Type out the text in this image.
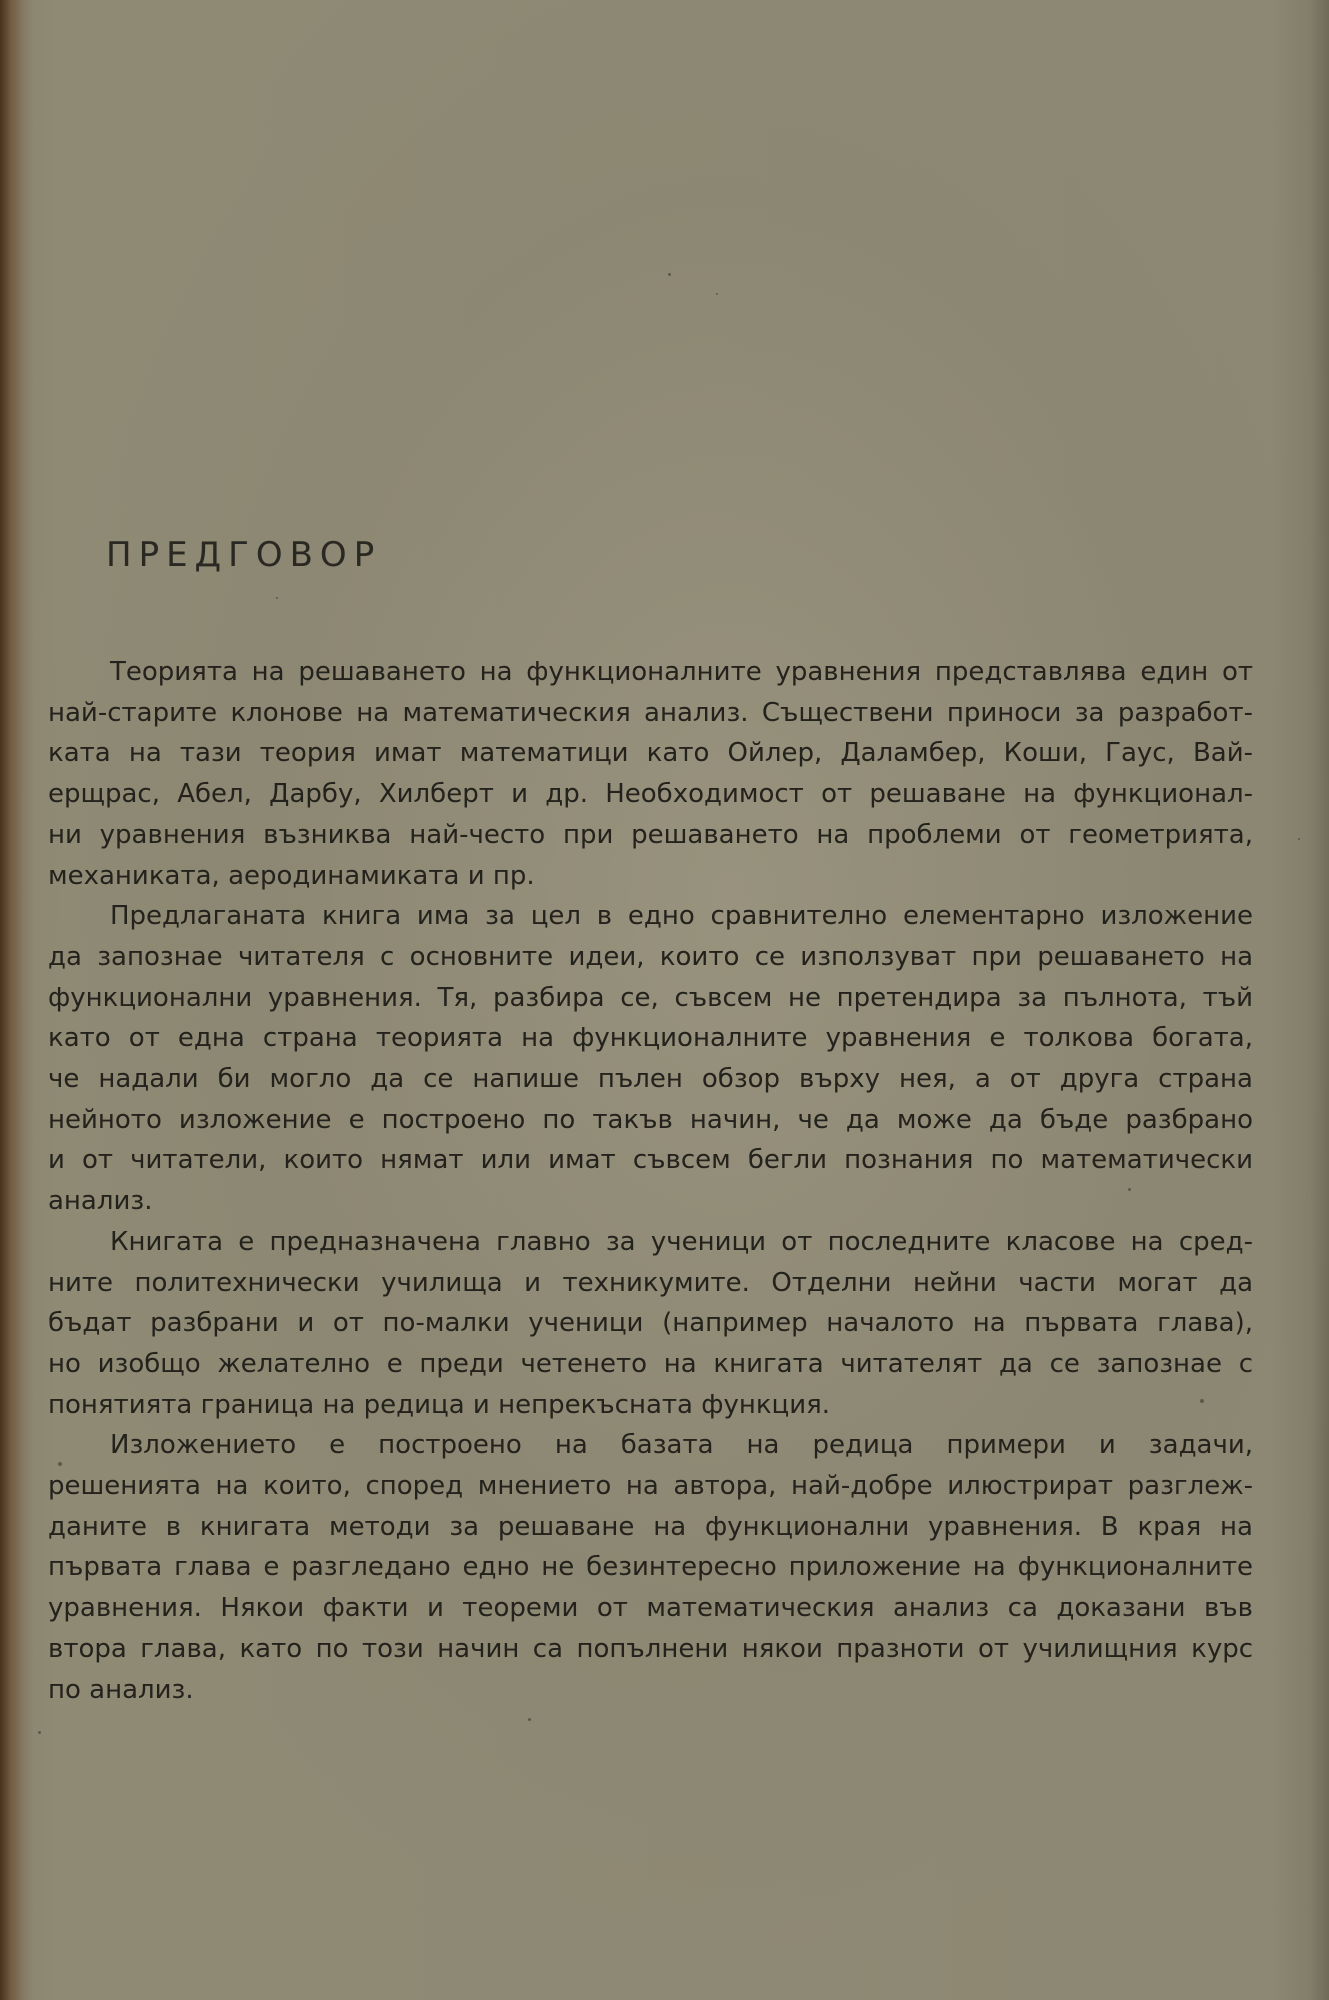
ПРЕДГОВОР
Теорията на решаването на функционалните уравнения представлява един от
най-старите клонове на математическия анализ. Съществени приноси за разработ-
ката на тази теория имат математици като Ойлер, Даламбер, Коши, Гаус, Вай-
ерщрас, Абел, Дарбу, Хилберт и др. Необходимост от решаване на функционал-
ни уравнения възниква най-често при решаването на проблеми от геометрията,
механиката, аеродинамиката и пр.
Предлаганата книга има за цел в едно сравнително елементарно изложение
да запознае читателя с основните идеи, които се използуват при решаването на
функционални уравнения. Тя, разбира се, съвсем не претендира за пълнота, тъй
като от една страна теорията на функционалните уравнения е толкова богата,
че надали би могло да се напише пълен обзор върху нея, а от друга страна
нейното изложение е построено по такъв начин, че да може да бъде разбрано
и от читатели, които нямат или имат съвсем бегли познания по математически
анализ.
Книгата е предназначена главно за ученици от последните класове на сред-
ните политехнически училища и техникумите. Отделни нейни части могат да
бъдат разбрани и от по-малки ученици (например началото на първата глава),
но изобщо желателно е преди четенето на книгата читателят да се запознае с
понятията граница на редица и непрекъсната функция.
Изложението е построено на базата на редица примери и задачи,
решенията на които, според мнението на автора, най-добре илюстрират разглеж-
даните в книгата методи за решаване на функционални уравнения. В края на
първата глава е разгледано едно не безинтересно приложение на функционалните
уравнения. Някои факти и теореми от математическия анализ са доказани във
втора глава, като по този начин са попълнени някои празноти от училищния курс
по анализ.
